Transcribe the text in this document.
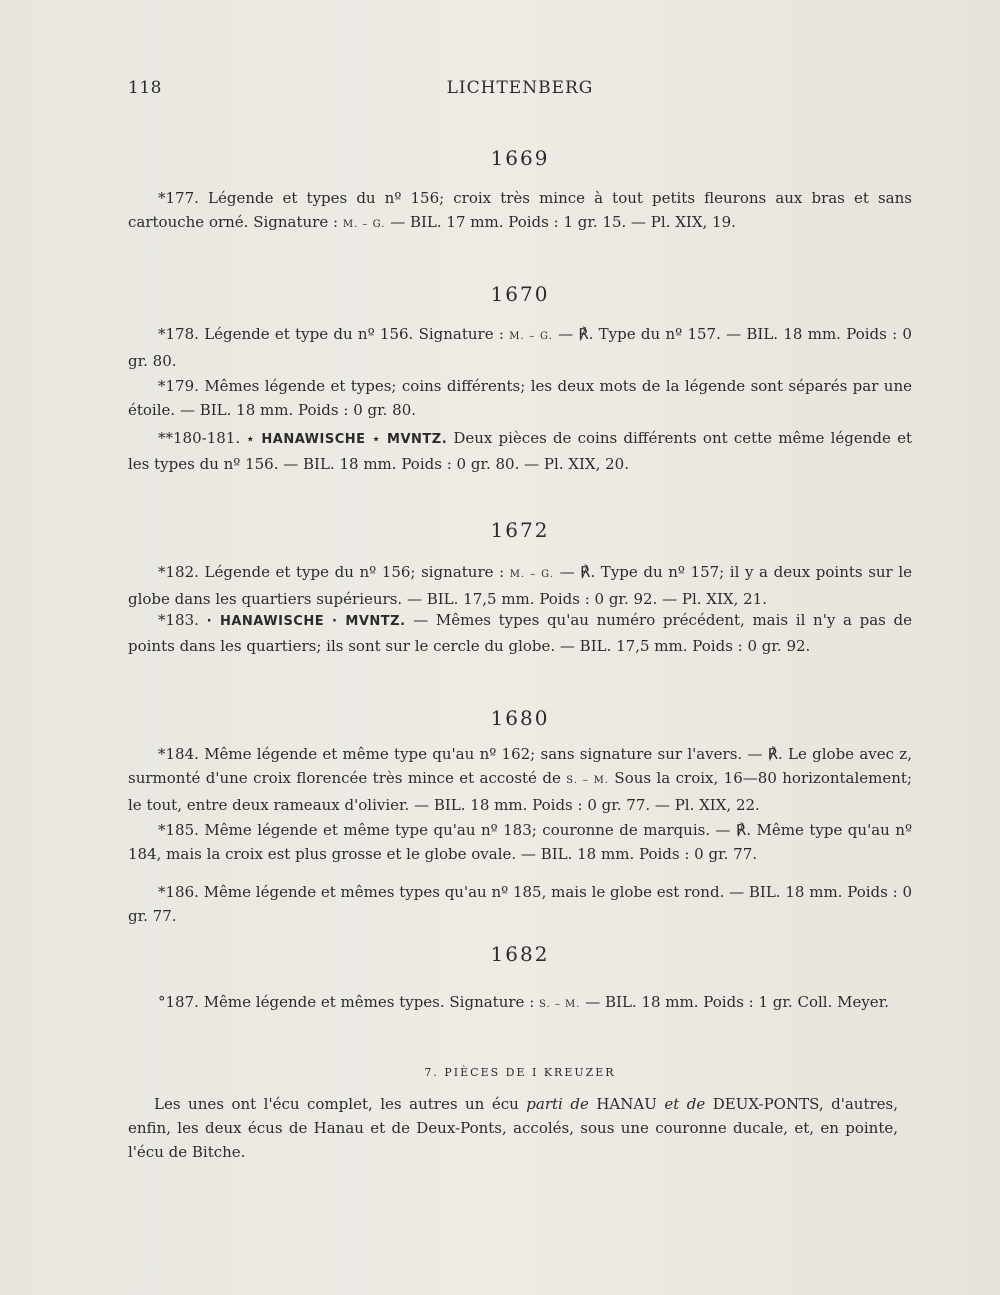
118	LICHTENBERG
1669
*177. Légende et types du nº 156; croix très mince à tout petits fleurons aux bras et sans cartouche orné. Signature : M. – G. — BIL. 17 mm. Poids : 1 gr. 15. — Pl. XIX, 19.
1670
*178. Légende et type du nº 156. Signature : M. – G. — ℟. Type du nº 157. — BIL. 18 mm. Poids : 0 gr. 80.
*179. Mêmes légende et types; coins différents; les deux mots de la légende sont séparés par une étoile. — BIL. 18 mm. Poids : 0 gr. 80.
**180-181. ⋆ HANAWISCHE ⋆ MVNTZ. Deux pièces de coins différents ont cette même légende et les types du nº 156. — BIL. 18 mm. Poids : 0 gr. 80. — Pl. XIX, 20.
1672
*182. Légende et type du nº 156; signature : M. – G. — ℟. Type du nº 157; il y a deux points sur le globe dans les quartiers supérieurs. — BIL. 17,5 mm. Poids : 0 gr. 92. — Pl. XIX, 21.
*183. · HANAWISCHE · MVNTZ. — Mêmes types qu'au numéro précédent, mais il n'y a pas de points dans les quartiers; ils sont sur le cercle du globe. — BIL. 17,5 mm. Poids : 0 gr. 92.
1680
*184. Même légende et même type qu'au nº 162; sans signature sur l'avers. — ℟. Le globe avec z, surmonté d'une croix florencée très mince et accosté de S. – M. Sous la croix, 16—80 horizontalement; le tout, entre deux rameaux d'olivier. — BIL. 18 mm. Poids : 0 gr. 77. — Pl. XIX, 22.
*185. Même légende et même type qu'au nº 183; couronne de marquis. — ℟. Même type qu'au nº 184, mais la croix est plus grosse et le globe ovale. — BIL. 18 mm. Poids : 0 gr. 77.
*186. Même légende et mêmes types qu'au nº 185, mais le globe est rond. — BIL. 18 mm. Poids : 0 gr. 77.
1682
°187. Même légende et mêmes types. Signature : S. – M. — BIL. 18 mm. Poids : 1 gr. Coll. Meyer.
7. PIÈCES DE I KREUZER
Les unes ont l'écu complet, les autres un écu parti de HANAU et de DEUX-PONTS, d'autres, enfin, les deux écus de Hanau et de Deux-Ponts, accolés, sous une couronne ducale, et, en pointe, l'écu de Bitche.
